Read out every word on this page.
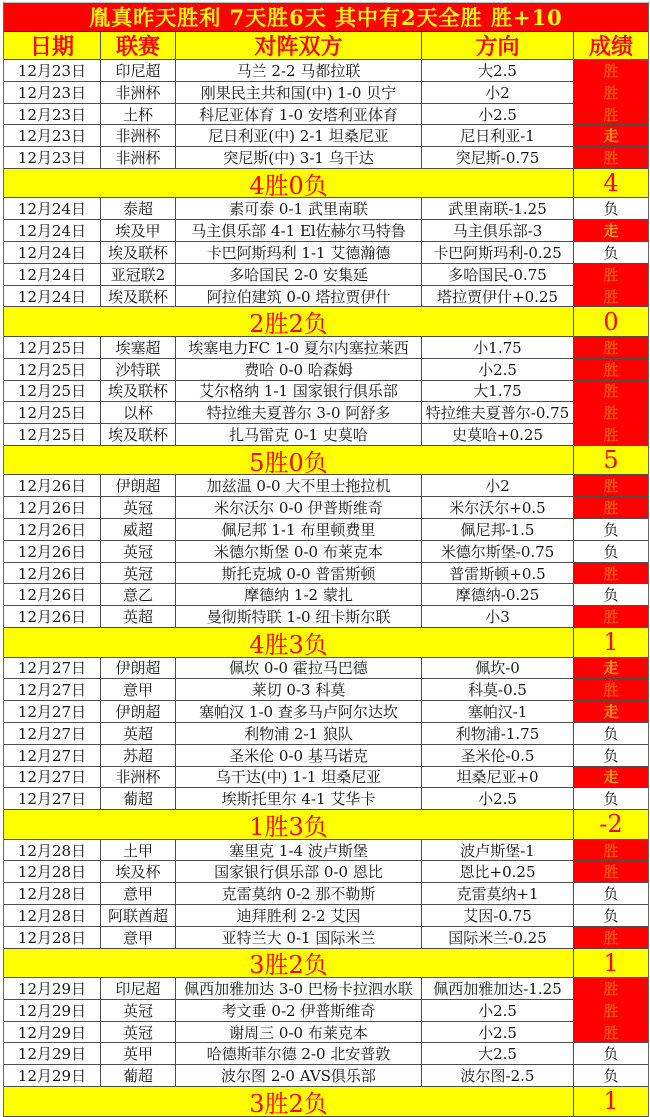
胤真昨天胜利 7天胜6天 其中有2天全胜 胜+10
日期	联赛	对阵双方	方向	成绩
12月23日	印尼超	马兰 2-2 马都拉联	大2.5	胜
12月23日	非洲杯	刚果民主共和国(中) 1-0 贝宁	小2	胜
12月23日	土杯	科尼亚体育 1-0 安塔利亚体育	小2.5	胜
12月23日	非洲杯	尼日利亚(中) 2-1 坦桑尼亚	尼日利亚-1	走
12月23日	非洲杯	突尼斯(中) 3-1 乌干达	突尼斯-0.75	胜
4胜0负	4
12月24日	泰超	素可泰 0-1 武里南联	武里南联-1.25	负
12月24日	埃及甲	马主俱乐部 4-1 El佐赫尔马特鲁	马主俱乐部-3	走
12月24日	埃及联杯	卡巴阿斯玛利 1-1 艾德瀚德	卡巴阿斯玛利-0.25	负
12月24日	亚冠联2	多哈国民 2-0 安集延	多哈国民-0.75	胜
12月24日	埃及联杯	阿拉伯建筑 0-0 塔拉贾伊什	塔拉贾伊什+0.25	胜
2胜2负	0
12月25日	埃塞超	埃塞电力FC 1-0 夏尔内塞拉莱西	小1.75	胜
12月25日	沙特联	费哈 0-0 哈森姆	小2.5	胜
12月25日	埃及联杯	艾尔格纳 1-1 国家银行俱乐部	大1.75	胜
12月25日	以杯	特拉维夫夏普尔 3-0 阿舒多	特拉维夫夏普尔-0.75	胜
12月25日	埃及联杯	扎马雷克 0-1 史莫哈	史莫哈+0.25	胜
5胜0负	5
12月26日	伊朗超	加兹温 0-0 大不里士拖拉机	小2	胜
12月26日	英冠	米尔沃尔 0-0 伊普斯维奇	米尔沃尔+0.5	胜
12月26日	威超	佩尼邦 1-1 布里顿费里	佩尼邦-1.5	负
12月26日	英冠	米德尔斯堡 0-0 布莱克本	米德尔斯堡-0.75	负
12月26日	英冠	斯托克城 0-0 普雷斯顿	普雷斯顿+0.5	胜
12月26日	意乙	摩德纳 1-2 蒙扎	摩德纳-0.25	负
12月26日	英超	曼彻斯特联 1-0 纽卡斯尔联	小3	胜
4胜3负	1
12月27日	伊朗超	佩坎 0-0 霍拉马巴德	佩坎-0	走
12月27日	意甲	莱切 0-3 科莫	科莫-0.5	胜
12月27日	伊朗超	塞帕汉 1-0 查多马卢阿尔达坎	塞帕汉-1	走
12月27日	英超	利物浦 2-1 狼队	利物浦-1.75	负
12月27日	苏超	圣米伦 0-0 基马诺克	圣米伦-0.5	负
12月27日	非洲杯	乌干达(中) 1-1 坦桑尼亚	坦桑尼亚+0	走
12月27日	葡超	埃斯托里尔 4-1 艾华卡	小2.5	负
1胜3负	-2
12月28日	土甲	塞里克 1-4 波卢斯堡	波卢斯堡-1	胜
12月28日	埃及杯	国家银行俱乐部 0-0 恩比	恩比+0.25	胜
12月28日	意甲	克雷莫纳 0-2 那不勒斯	克雷莫纳+1	负
12月28日	阿联酋超	迪拜胜利 2-2 艾因	艾因-0.75	负
12月28日	意甲	亚特兰大 0-1 国际米兰	国际米兰-0.25	胜
3胜2负	1
12月29日	印尼超	佩西加雅加达 3-0 巴杨卡拉泗水联	佩西加雅加达-1.25	胜
12月29日	英冠	考文垂 0-2 伊普斯维奇	小2.5	胜
12月29日	英冠	谢周三 0-0 布莱克本	小2.5	胜
12月29日	英甲	哈德斯菲尔德 2-0 北安普敦	大2.5	负
12月29日	葡超	波尔图 2-0 AVS俱乐部	波尔图-2.5	负
3胜2负	1
